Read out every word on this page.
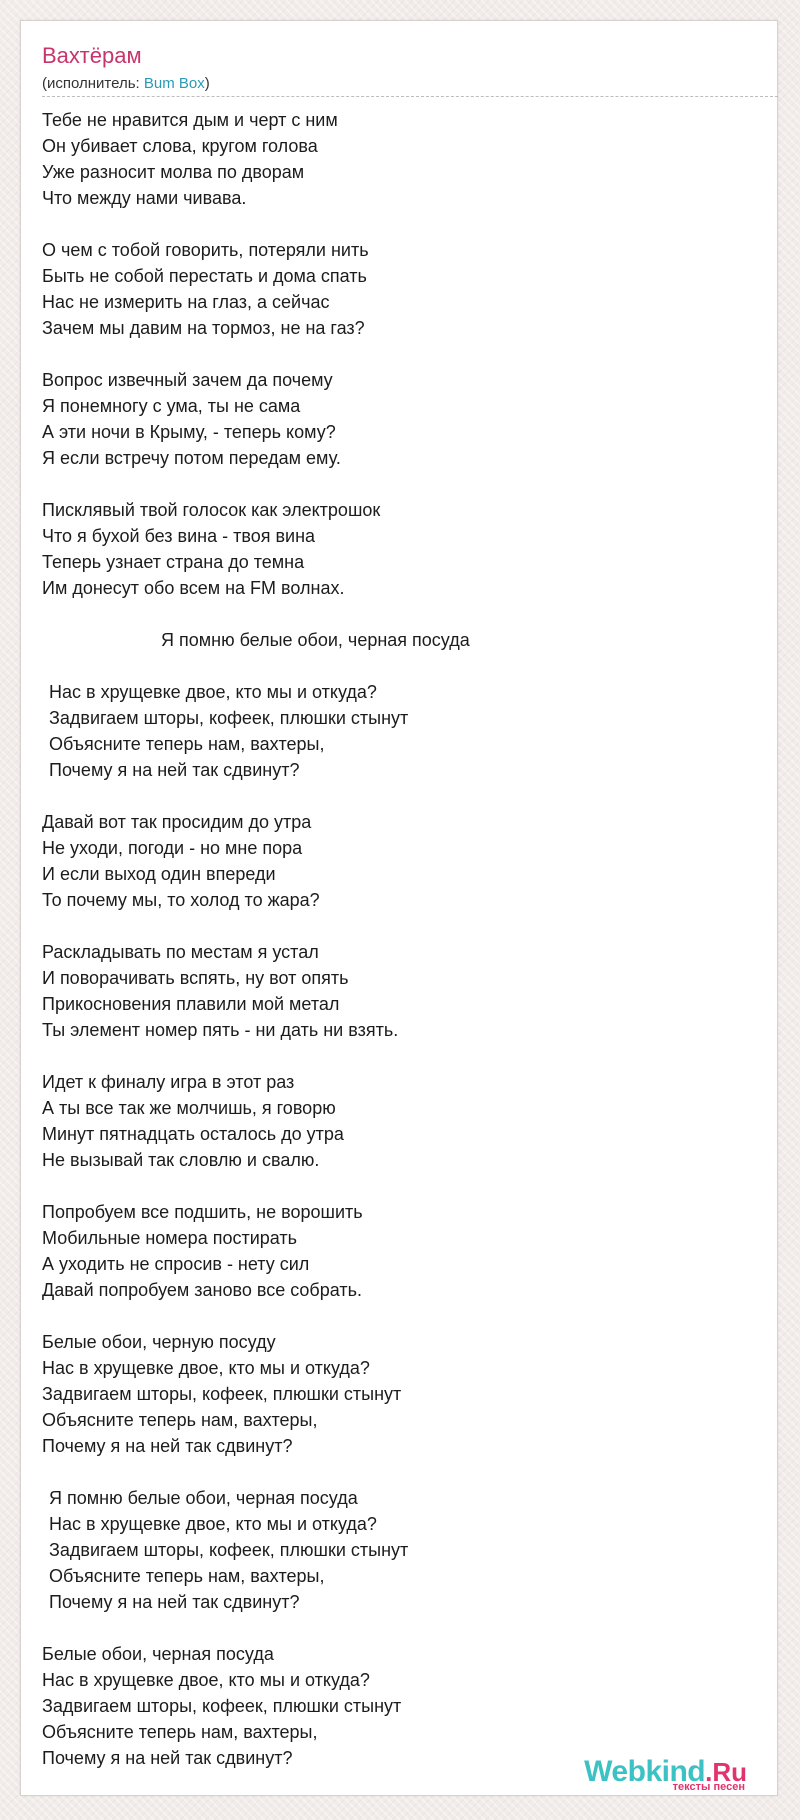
Вахтёрам
(исполнитель: Bum Box)
Тебе не нравится дым и черт с ним
Он убивает слова, кругом голова
Уже разносит молва по дворам
Что между нами чивава.
О чем с тобой говорить, потеряли нить
Быть не собой перестать и дома спать
Нас не измерить на глаз, а сейчас
Зачем мы давим на тормоз, не на газ?
Вопрос извечный зачем да почему
Я понемногу с ума, ты не сама
А эти ночи в Крыму, - теперь кому?
Я если встречу потом передам ему.
Писклявый твой голосок как электрошок
Что я бухой без вина - твоя вина
Теперь узнает страна до темна
Им донесут обо всем на FM волнах.
Я помню белые обои, черная посуда
Нас в хрущевке двое, кто мы и откуда?
Задвигаем шторы, кофеек, плюшки стынут
Объясните теперь нам, вахтеры,
Почему я на ней так сдвинут?
Давай вот так просидим до утра
Не уходи, погоди - но мне пора
И если выход один впереди
То почему мы, то холод то жара?
Раскладывать по местам я устал
И поворачивать вспять, ну вот опять
Прикосновения плавили мой метал
Ты элемент номер пять - ни дать ни взять.
Идет к финалу игра в этот раз
А ты все так же молчишь, я говорю
Минут пятнадцать осталось до утра
Не вызывай так словлю и свалю.
Попробуем все подшить, не ворошить
Мобильные номера постирать
А уходить не спросив - нету сил
Давай попробуем заново все собрать.
Белые обои, черную посуду
Нас в хрущевке двое, кто мы и откуда?
Задвигаем шторы, кофеек, плюшки стынут
Объясните теперь нам, вахтеры,
Почему я на ней так сдвинут?
Я помню белые обои, черная посуда
Нас в хрущевке двое, кто мы и откуда?
Задвигаем шторы, кофеек, плюшки стынут
Объясните теперь нам, вахтеры,
Почему я на ней так сдвинут?
Белые обои, черная посуда
Нас в хрущевке двое, кто мы и откуда?
Задвигаем шторы, кофеек, плюшки стынут
Объясните теперь нам, вахтеры,
Почему я на ней так сдвинут?	Webkind.Ru
тексты песен
